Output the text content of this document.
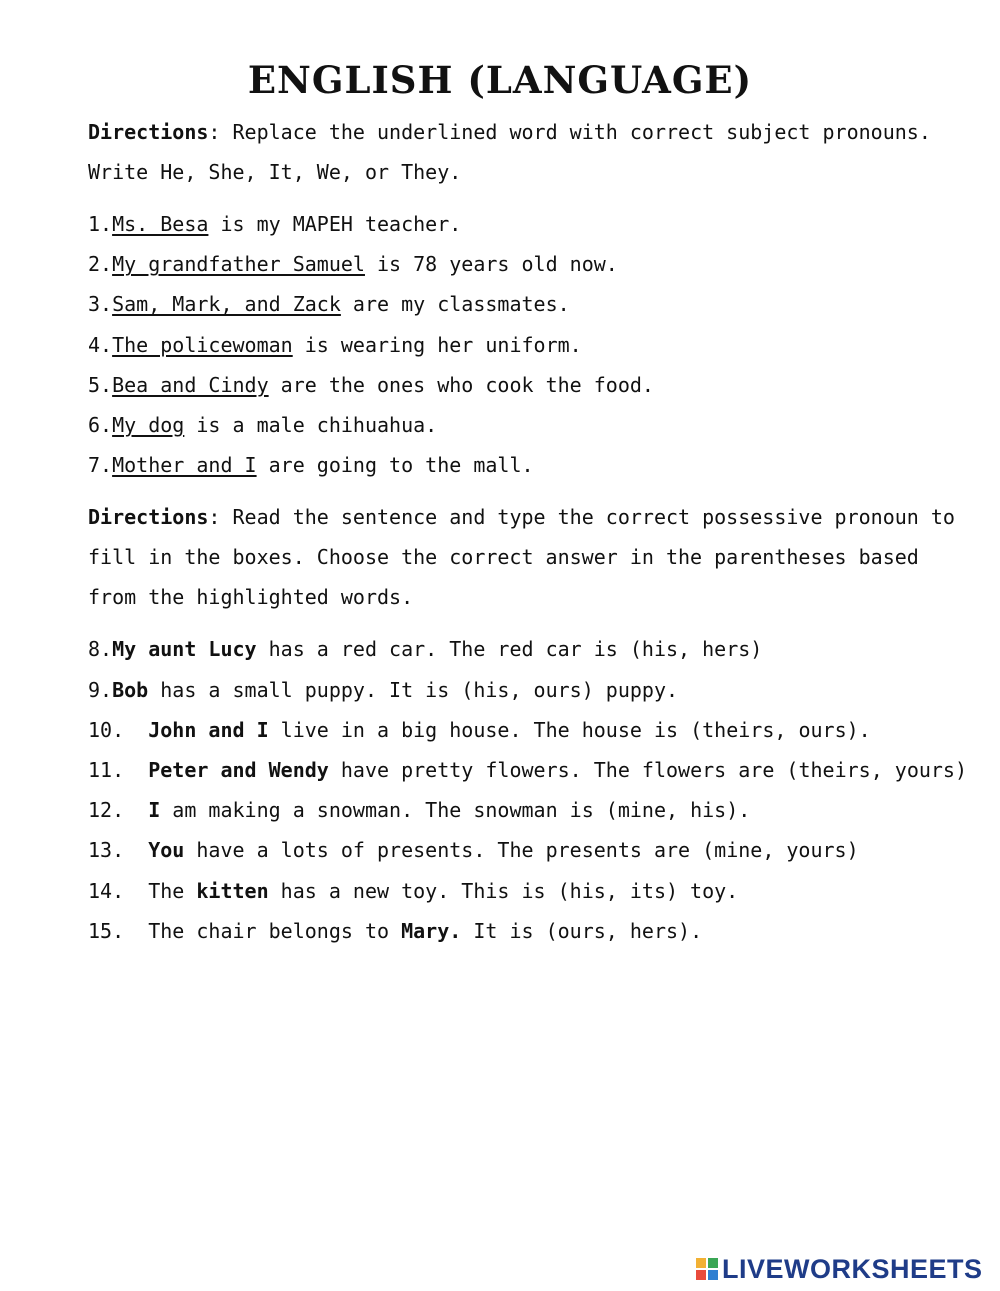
ENGLISH (LANGUAGE)

Directions: Replace the underlined word with correct subject pronouns. Write He, She, It, We, or They.

1.Ms. Besa is my MAPEH teacher.

2.My grandfather Samuel is 78 years old now.

3.Sam, Mark, and Zack are my classmates.

4.The policewoman is wearing her uniform.

5.Bea and Cindy are the ones who cook the food.

6.My dog is a male chihuahua.

7.Mother and I are going to the mall.

Directions: Read the sentence and type the correct possessive pronoun to fill in the boxes. Choose the correct answer in the parentheses based from the highlighted words.

8.My aunt Lucy has a red car. The red car is (his, hers)

9.Bob has a small puppy. It is (his, ours) puppy.

10. John and I live in a big house. The house is (theirs, ours).

11. Peter and Wendy have pretty flowers. The flowers are (theirs, yours)

12. I am making a snowman. The snowman is (mine, his).

13. You have a lots of presents. The presents are (mine, yours)

14.  The kitten has a new toy. This is (his, its) toy.

15.  The chair belongs to Mary. It is (ours, hers).

LIVEWORKSHEETS
